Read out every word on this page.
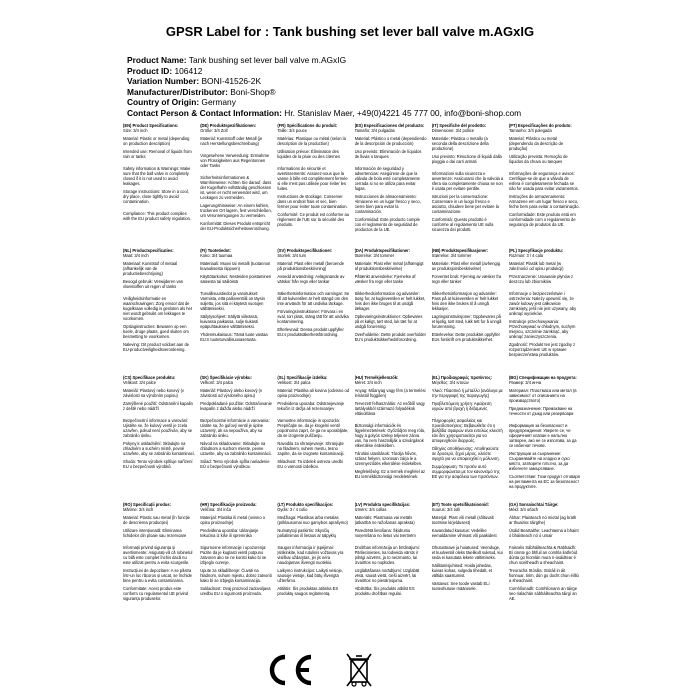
GPSR Label for : Tank bushing set lever ball valve m.AGxIG
Product Name: Tank bushing set lever ball valve m.AGxIG
Product ID: 106412
Variation Number: BONI-41526-2K
Manufacturer/Distributor: Boni-Shop®
Country of Origin: Germany
Contact Person & Contact Information: Hr. Stanislav Maer, +49(0)4221 45 777 00, info@boni-shop.com
(EN) Product Specifications:

Size: 3/4 inch

Material: Plastic or metal (depending on production description)

Intended use: Removal of liquids from rain or tanks

Safety information & Warnings: Make sure that the ball valve is completely closed if it is not used to avoid leakages.

Storage instructions: Store in a cool, dry place, close tightly to avoid contamination.

Compliance: This product complies with the EU product safety regulation.

(DE) Produktspezifikationen:

Größe: 3/4 Zoll

Material: Kunststoff oder Metall (je nach Herstellungsbeschreibung)

Vorgesehene Verwendung: Entnahme von Flüssigkeiten aus Regentonnen oder Tanks

Sicherheitsinformationen & Warnhinweise: Achten Sie darauf, dass der Kugelhahn vollständig geschlossen ist, wenn er nicht verwendet wird, um Leckagen zu vermeiden.

Lagerungshinweise: An einem kühlen, trockenen Ort lagern, fest verschließen, um Verunreinigungen zu vermeiden.

Konformität: Dieses Produkt entspricht der EU-Produktsicherheitsverordnung.

(FR) Spécifications du produit:

Taille: 3/4 pouce

Matériau: Plastique ou métal (selon la description de la production)

Utilisation prévue: Élimination des liquides de la pluie ou des citernes

Informations de sécurité et avertissements: Assurez-vous que la vanne à bille est complètement fermée si elle n'est pas utilisée pour éviter les fuites.

Instructions de stockage: Conserver dans un endroit frais et sec, bien fermer pour éviter toute contamination.

Conformité: Ce produit est conforme au règlement de l'UE sur la sécurité des produits.

(ES) Especificaciones del producto:

Tamaño: 3/4 pulgadas

Material: Plástico o metal (dependiendo de la descripción de producción)

Uso previsto: Eliminación de líquidos de lluvia o tanques

Información de seguridad y advertencias: Asegúrese de que la válvula de bola esté completamente cerrada si no se utiliza para evitar fugas.

Instrucciones de almacenamiento: Almacene en un lugar fresco y seco, cierre bien para evitar la contaminación.

Conformidad: Este producto cumple con el reglamento de seguridad de productos de la UE.

(IT) Specifiche del prodotto:

Dimensione: 3/4 pollice

Materiale: Plastica o metallo (a seconda della descrizione della produzione)

Uso previsto: Rimozione di liquidi dalla pioggia o dai carri armati

Informazioni sulla sicurezza e avvertenze: Assicurarsi che la valvola a sfera sia completamente chiusa se non è usata per evitare perdite.

Istruzioni per la conservazione: Conservare in un luogo fresco e asciutto, chiudere bene per evitare la contaminazione.

Conformità: Questo prodotto è conforme al regolamento UE sulla sicurezza dei prodotti.

(PT) Especificações do produto:

Tamanho: 3/4 polegada

Material: Plástico ou metal (dependendo da descrição de produção)

Utilização prevista: Remoção de líquidos da chuva ou tanques

Informações de segurança e avisos: Certifique-se de que a válvula de esfera é completamente fechada se não for usada para evitar vazamentos.

Instruções de armazenamento: Armazene em um lugar fresco e seco, feche bem para evitar a contaminação.

Conformidade: Este produto está em conformidade com o regulamento de segurança de produtos da UE.

(NL) Productspecificaties:

Maat: 3/4 inch

Materiaal: Kunststof of metaal (afhankelijk van de productiebeschrijving)

Beoogd gebruik: Verwijderen van vloeistoffen uit regen of tanks

Veiligheidsinformatie en waarschuwingen: Zorg ervoor dat de kogelkraan volledig is gesloten als het niet wordt gebruikt om lekkages te voorkomen.

Opslaginstructies: Bewaren op een koele, droge plaats, goed sluiten om besmetting te voorkomen.

Naleving: Dit product voldoet aan de EU-productveiligheidsverordening.

(FI) Tuotetiedot:

Koko: 3/4 tuumaa

Materiaali: Muovi tai metalli (tuotannon kuvauksesta riippuen)

Käyttötarkoitus: Nesteiden poistaminen sateesta tai säiliöistä

Turvallisuustiedot ja varoitukset: Varmista, että palloventtiili on täysin suljettu, jos sitä ei käytetä vuotojen välttämiseksi.

Säilytysohjeet: Säilytä viileässä, kuivassa paikassa, sulje tiukasti epäpuhtauksien välttämiseksi.

Yhdenmukaisuus: Tämä tuote vastaa EU:n tuoteturvallisuusasetusta.

(SV) Produktspecifikationer:

Storlek: 3/4 tum

Material: Plast eller metall (beroende på produktionsbeskrivning)

Avsedd användning: Avlägsnande av vätskor från regn eller tankar

Säkerhetsinformation och varningar: Se till att kulventilen är helt stängd om den inte används för att undvika läckage.

Förvaringsinstruktioner: Förvara i en sval, torr plats, stäng tätt för att undvika kontaminering.

Efterlevnad: Denna produkt uppfyller EU:s produktsäkerhetsförordning.

(DA) Produktspecifikationer:

Størrelse: 3/4 tommer

Materiale: Plast eller metal (afhængigt af produktionsbeskrivelse)

Påtænkt anvendelse: Fjernelse af væsker fra regn eller tanke

Sikkerhedsinformation og advarsler: Sørg for, at kugleventilen er helt lukket, hvis den ikke bruges til at undgå lækager.

Opbevaringsinstruktioner: Opbevares på et køligt, tørt sted, luk tæt for at undgå forurening.

Overholdelse: Dette produkt overholder EU's produktsikkerhedsforordning.

(NB) Produktspesifikasjoner:

Størrelse: 3/4 tommer

Materiale: Plast eller metall (avhengig av produksjonsbeskrivelse)

Forventet bruk: Fjerning av væsker fra regn eller tanker

Sikkerhetsinformasjon og advarsler: Pass på at kuleventilen er helt lukket hvis den ikke brukes til å unngå lekkasjer.

Lagringsinstruksjoner: Oppbevares på et kjølig, tørt sted, lukk tett for å unngå forurensning.

Etterlevelse: Dette produktet oppfyller EUs forskrift om produktsikkerhet.

(PL) Specyfikacje produktu:

Rozmiar: 3 / 4 cala

Materiał: Plastik lub metal (w zależności od opisu produkcji)

Przeznaczenie: Usuwanie płynów z deszczu lub zbiorników

Informacje o bezpieczeństwie i ostrzeżenia: Należy upewnić się, że zawór kulowy jest całkowicie zamknięty, jeśli nie jest używany, aby uniknąć wycieków.

Instrukcje przechowywania: Przechowywać w chłodnym, suchym miejscu, szczelnie zamknąć, aby uniknąć zanieczyszczenia.

Zgodność: Produkt ten jest zgodny z rozporządzeniem UE w sprawie bezpieczeństwa produktów.

(CS) Specifikace produktu:

Velikost: 3/4 palce

Materiál: Plastový nebo kovový (v závislosti na výrobním popisu)

Zamýšlené použití: Odstranění kapalin z deště nebo nádrží

Bezpečnostní informace a varování: Ujistěte se, že kulový ventil je zcela uzavřen, pokud není používán, aby se zabránilo úniku.

Pokyny k uskladnění: Skladujte na chladném a suchém místě, pevně uzavřete, aby se zabránilo kontaminaci.

Shoda: Tento výrobek splňuje nařízení EU o bezpečnosti výrobků.

(SK) Špecifikácie výrobku:

Veľkosť: 3/4 palca

Materiál: Plastový alebo kovový (v závislosti od výrobného opisu)

Predpokladané použitie: Odstraňovanie kvapalín z dažďa alebo nádrží

Bezpečnostné informácie a varovania: Uistite sa, že guľový ventil je úplne uzavretý, ak sa nepoužíva, aby sa zabránilo úniku.

Návod na skladovanie: Skladujte na chladnom a suchom mieste, pevne uzavrite, aby sa zabránilo kontaminácii.

Súlad: Tento výrobok spĺňa nariadenie EÚ o bezpečnosti výrobkov.

(SL) Specifikacije izdelka:

Velikost: 3/4 palca

Material: Plastika ali kovina (odvisno od opisa proizvodnje)

Predvidena uporaba: Odstranjevanje tekočin iz dežja ali rezervoarjev

Varnostne informacije in opozorila: Prepričajte se, da je krogelni ventil popolnoma zaprt, če ga ne uporabljate, da se izognete puščanju.

Navodila za shranjevanje: Shranjujte na hladnem, suhem mestu, tesno zaprite, da se izognete kontaminaciji.

Skladnost: Ta izdelek ustreza uredbi EU o varnosti izdelkov.

(HU) Termékjellemzők:

Méret: 3/4 inch

Anyag: Műanyag vagy fém (a termelési leírástól függően)

Tervezett felhasználás: Az esőből vagy tartályokból származó folyadékok eltávolítása

Biztonsági információk és figyelmeztetések: Győződjön meg róla, hogy a golyós szelep teljesen zárva van, ha nem használják a szivárgások elkerülése érdekében.

Tárolási utasítások: Tárolja hűvös, száraz helyen, szorosan zárja le a szennyeződés elkerülése érdekében.

Megfelelőség: Ez a termék megfelel az EU termékbiztonsági rendeletének.

(EL) Προδιαγραφές προϊόντος:

Μέγεθος: 3/4 ιντσών

Υλικό: Πλαστικό ή μέταλλο (ανάλογα με την περιγραφή της παραγωγής)

Προβλεπόμενη χρήση: Αφαίρεση υγρών από βροχή ή δεξαμενές

Πληροφορίες ασφαλείας και προειδοποιήσεις: Βεβαιωθείτε ότι η βαλβίδα σφαιρών είναι εντελώς κλειστή εάν δεν χρησιμοποιείται για να αποφευχθούν διαρροές.

Οδηγίες αποθήκευσης: Αποθηκεύστε σε δροσερό, ξηρό μέρος, κλείστε σφιχτά για να αποφευχθεί η μόλυνση.

Συμμόρφωση: Το προϊόν αυτό συμμορφώνεται με τον κανονισμό της ΕΕ για την ασφάλεια των προϊόντων.

(BG) Спецификации на продукта:

Размер: 3/4 инча

Материал: Пластмаса или метал (в зависимост от описанието на производството)

Предназначение: Премахване на течности от дъжд или резервоари

Информация за безопасност и предупреждения: Уверете се, че сферичният клапан е напълно затворен, ако не се използва, за да се избегнат течове.

Инструкции за съхранение: Съхранявайте на хладно и сухо място, затворете плътно, за да избегнете замърсяване.

Съответствие: Този продукт отговаря на регламента на ЕС за безопасност на продуктите.

(RO) Specificații produs:

Mărime: 3/4 inch

Material: Plastic sau metal (în funcție de descrierea producției)

Utilizare intenționată: Eliminarea lichidelor din ploaie sau rezervoare

Informații privind siguranța și avertismente: Asigurați-vă că robinetul cu bilă este complet închis dacă nu este utilizat pentru a evita scurgerile.

Instrucțiuni de depozitare: A se păstra într-un loc răcoros și uscat, se închide bine pentru a evita contaminarea.

Conformitate: Acest produs este conform cu regulamentul UE privind siguranța produselor.

(HR) Specifikacije proizvoda:

Veličina: 3/4 inča

Materijal: Plastika ili metal (ovisno o opisu proizvodnje)

Predviđena uporaba: Uklanjanje tekućina iz kiše ili spremnika

Sigurnosne informacije i upozorenja: Pazite da je kuglasti ventil potpuno zatvoren ako se ne koristi kako bi se izbjeglo curenje.

Upute za skladištenje: Čuvati na hladnom, suhom mjestu, dobro zatvoriti kako bi se izbjegla kontaminacija.

Sukladnost: Ovaj proizvod zadovoljava uredbu EU o sigurnosti proizvoda.

(LT) Produkto specifikacijos:

Dydis: 3 / 4 colio

Medžiaga: Plastikas arba metalas (priklausomai nuo gamybos aprašymo)

Numatytoji paskirtis: Skysčių pašalinimas iš lietaus ar talpyklų

Saugos informacija ir įspėjimai: Įsitikinkite, kad rutulinis vožtuvas yra visiškai uždarytas, jei jis nėra naudojamas išvengti nuotėkio.

Laikymo instrukcijos: Laikyti vėsioje, sausoje vietoje, kad būtų išvengta užteršimo.

Atitiktis: Šis produktas atitinka ES produktų saugos reglamentą.

(LV) Produkta specifikācijas:

Izmērs: 3/4 collas

Materiāls: Plastmasa vai metāls (atkarībā no ražošanas apraksta)

Paredzētā lietošana: Šķidrumu noņemšana no lietus vai tvertnēm

Drošības informācija un brīdinājumi: Pārliecinieties, ka lodveida vārsts ir pilnīgi aizvērts, ja to neizmanto, lai izvairītos no noplūdes.

Uzglabāšanas norādījumi: Uzglabāt vēsā, sausā vietā, cieši aizvērt, lai izvairītos no piesārņojuma.

Atbilstība: Šis produkts atbilst ES produktu drošības regulai.

(ET) Toote spetsifikatsioonid:

Suurus: 3/4 tolli

Materjal: Plast või metall (sõltuvalt tootmise kirjeldusest)

Kavandatud kasutus: Vedelike eemaldamine vihmast või paakidest

Ohutusteave ja hoiatused: Veenduge, et kuulventiil oleks täielikult suletud, kui seda ei kasutata lekete vältimiseks.

Säilitamisjuhised: Hoida jahedas, kuivas kohas, sulgeda tihedalt, et vältida saastumist.

Vastavus: See toode vastab ELi tooteohutuse määrusele.

(GA) Sonraíochtaí Táirge:

Méid: 3/4 orlach

Ábhar: Plaisteach nó miotal (ag brath ar thuairisc táirgthe)

Úsáid Beartaithe: Leachtanna a bhaint ó bháisteach nó ó umair

Faisnéis Sábháilteachta & Rabhaidh: Bí cinnte go bhfuil an comhla liathróid dúnta go hiomlán mura n-úsáidtear é chun sceitheadh a sheachaint.

Treoracha Stórála: Stóráil in áit fionnuar, tirim, dún go docht chun éilliú a sheachaint.

Comhlíonadh: Comhlíonann an táirge seo rialachán sábháilteachta táirgí an AE.
